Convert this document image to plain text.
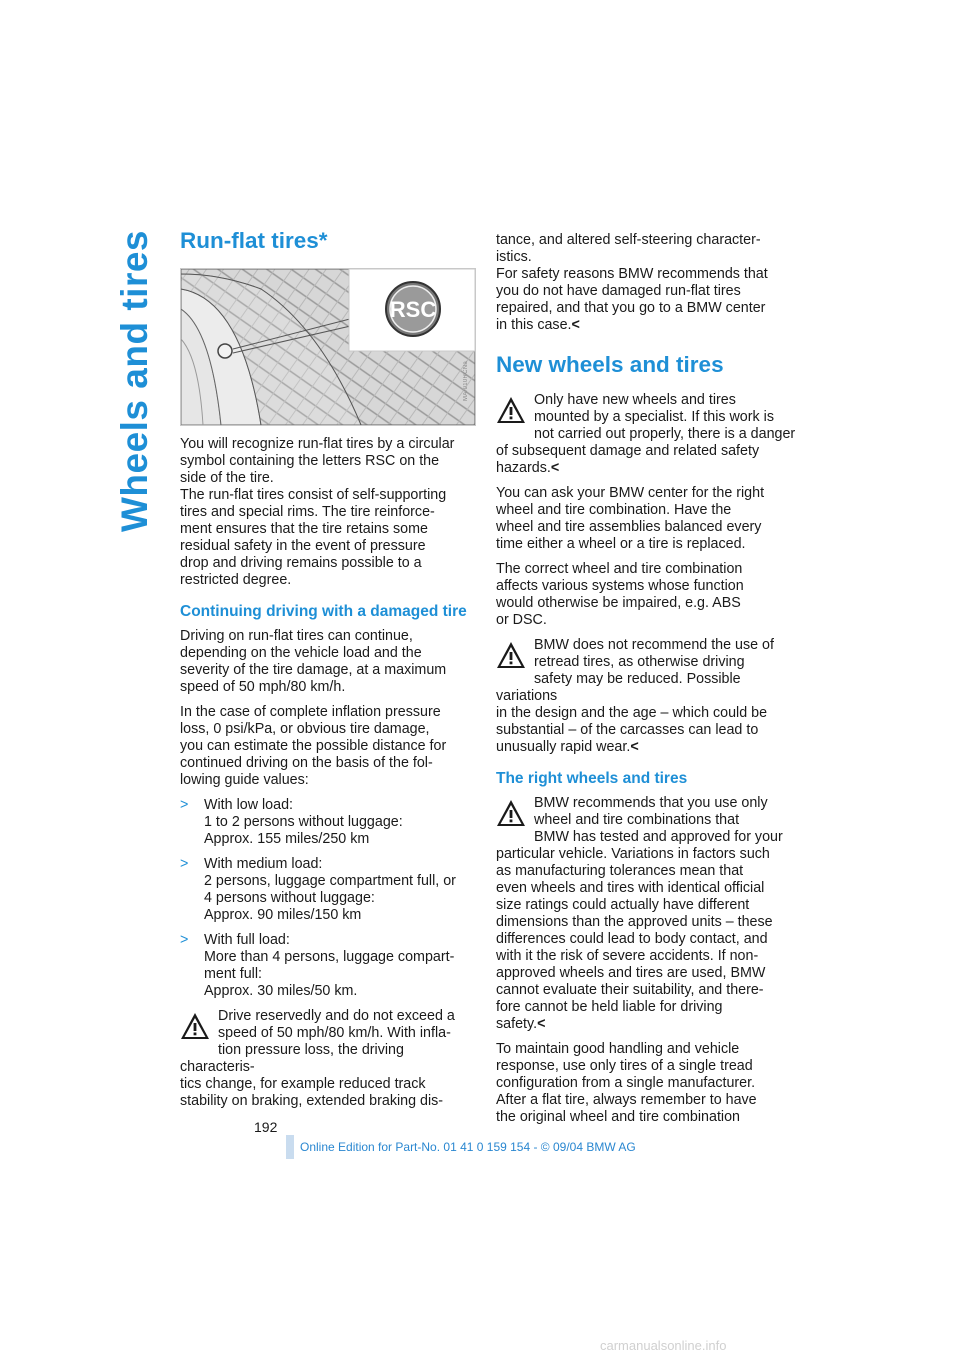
Wheels and tires Run-flat tires*
RSC
MA/010RCNa

You will recognize run-flat tires by a circular
symbol containing the letters RSC on the
side of the tire.
The run-flat tires consist of self-supporting
tires and special rims. The tire reinforce-
ment ensures that the tire retains some
residual safety in the event of pressure
drop and driving remains possible to a
restricted degree.

Continuing driving with a damaged tire

Driving on run-flat tires can continue,
depending on the vehicle load and the
severity of the tire damage, at a maximum
speed of 50 mph/80 km/h.

In the case of complete inflation pressure
loss, 0 psi/kPa, or obvious tire damage,
you can estimate the possible distance for
continued driving on the basis of the fol-
lowing guide values:

> With low load:
1 to 2 persons without luggage:
Approx. 155 miles/250 km
> With medium load:
2 persons, luggage compartment full, or
4 persons without luggage:
Approx. 90 miles/150 km
> With full load:
More than 4 persons, luggage compart-
ment full:
Approx. 30 miles/50 km.
Drive reservedly and do not exceed a
speed of 50 mph/80 km/h. With infla-
tion pressure loss, the driving characteris-
tics change, for example reduced track
stability on braking, extended braking dis-

tance, and altered self-steering character-
istics.
For safety reasons BMW recommends that
you do not have damaged run-flat tires
repaired, and that you go to a BMW center
in this case.<

New wheels and tires
Only have new wheels and tires
mounted by a specialist. If this work is
not carried out properly, there is a danger
of subsequent damage and related safety
hazards.<

You can ask your BMW center for the right
wheel and tire combination. Have the
wheel and tire assemblies balanced every
time either a wheel or a tire is replaced.

The correct wheel and tire combination
affects various systems whose function
would otherwise be impaired, e.g. ABS
or DSC.

BMW does not recommend the use of
retread tires, as otherwise driving
safety may be reduced. Possible variations
in the design and the age – which could be
substantial – of the carcasses can lead to
unusually rapid wear.<
The right wheels and tires
BMW recommends that you use only
wheel and tire combinations that
BMW has tested and approved for your
particular vehicle. Variations in factors such
as manufacturing tolerances mean that
even wheels and tires with identical official
size ratings could actually have different
dimensions than the approved units – these
differences could lead to body contact, and
with it the risk of severe accidents. If non-
approved wheels and tires are used, BMW
cannot evaluate their suitability, and there-
fore cannot be held liable for driving
safety.<

To maintain good handling and vehicle
response, use only tires of a single tread
configuration from a single manufacturer.
After a flat tire, always remember to have
the original wheel and tire combination

192
Online Edition for Part-No. 01 41 0 159 154 - © 09/04 BMW AG
carmanualsonline.info
